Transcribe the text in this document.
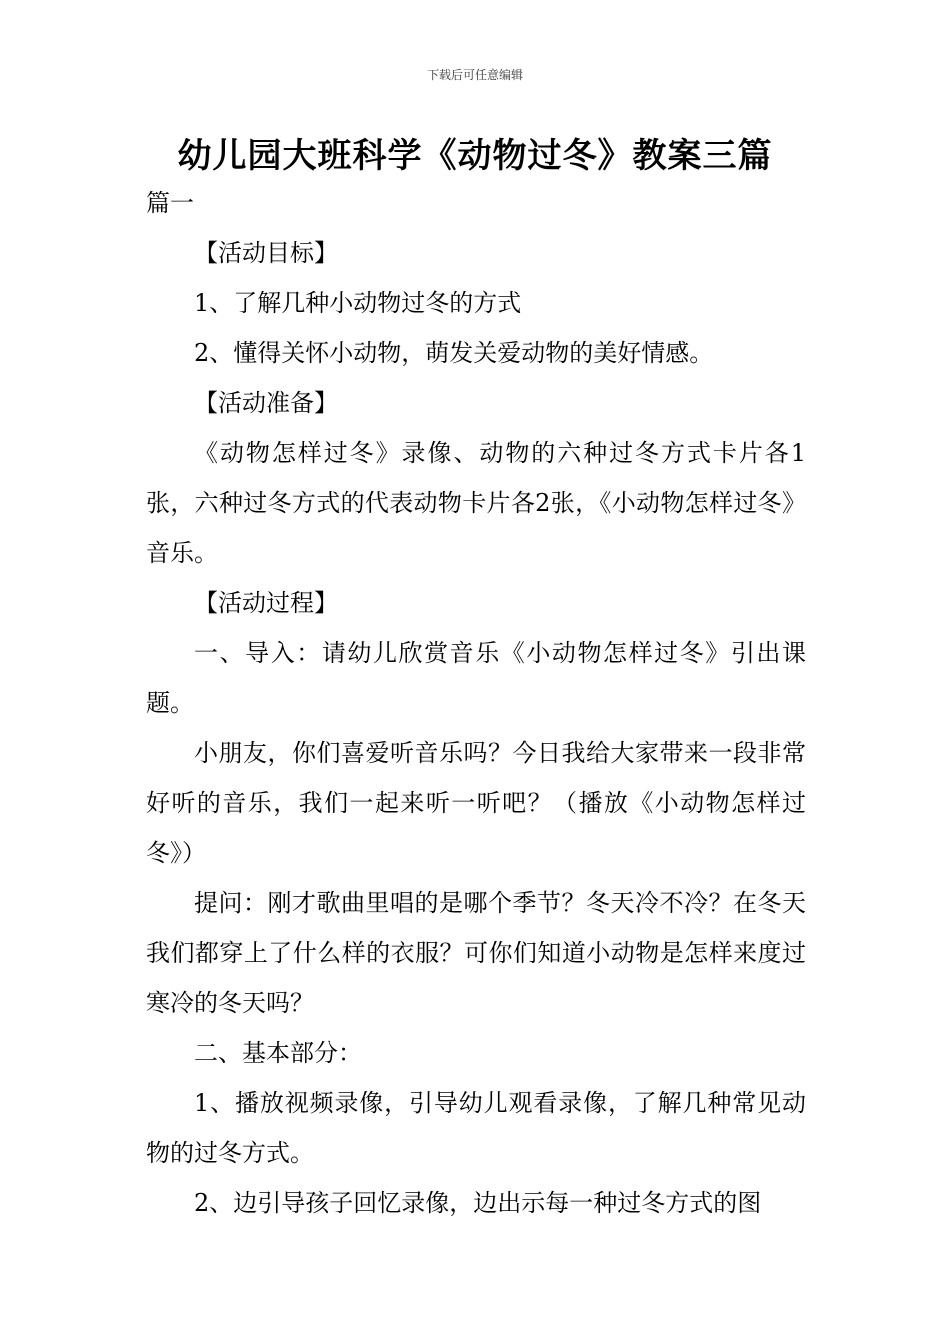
下载后可任意编辑
幼儿园大班科学《动物过冬》教案三篇

篇一

【活动目标】

1、了解几种小动物过冬的方式

2、懂得关怀小动物，萌发关爱动物的美好情感。

【活动准备】

《动物怎样过冬》录像、动物的六种过冬方式卡片各1张，六种过冬方式的代表动物卡片各2张，《小动物怎样过冬》音乐。

【活动过程】

一、导入：请幼儿欣赏音乐《小动物怎样过冬》引出课题。

小朋友，你们喜爱听音乐吗？今日我给大家带来一段非常好听的音乐，我们一起来听一听吧？（播放《小动物怎样过冬》）

提问：刚才歌曲里唱的是哪个季节？冬天冷不冷？在冬天我们都穿上了什么样的衣服？可你们知道小动物是怎样来度过寒冷的冬天吗？

二、基本部分：

1、播放视频录像，引导幼儿观看录像，了解几种常见动物的过冬方式。

2、边引导孩子回忆录像，边出示每一种过冬方式的图
